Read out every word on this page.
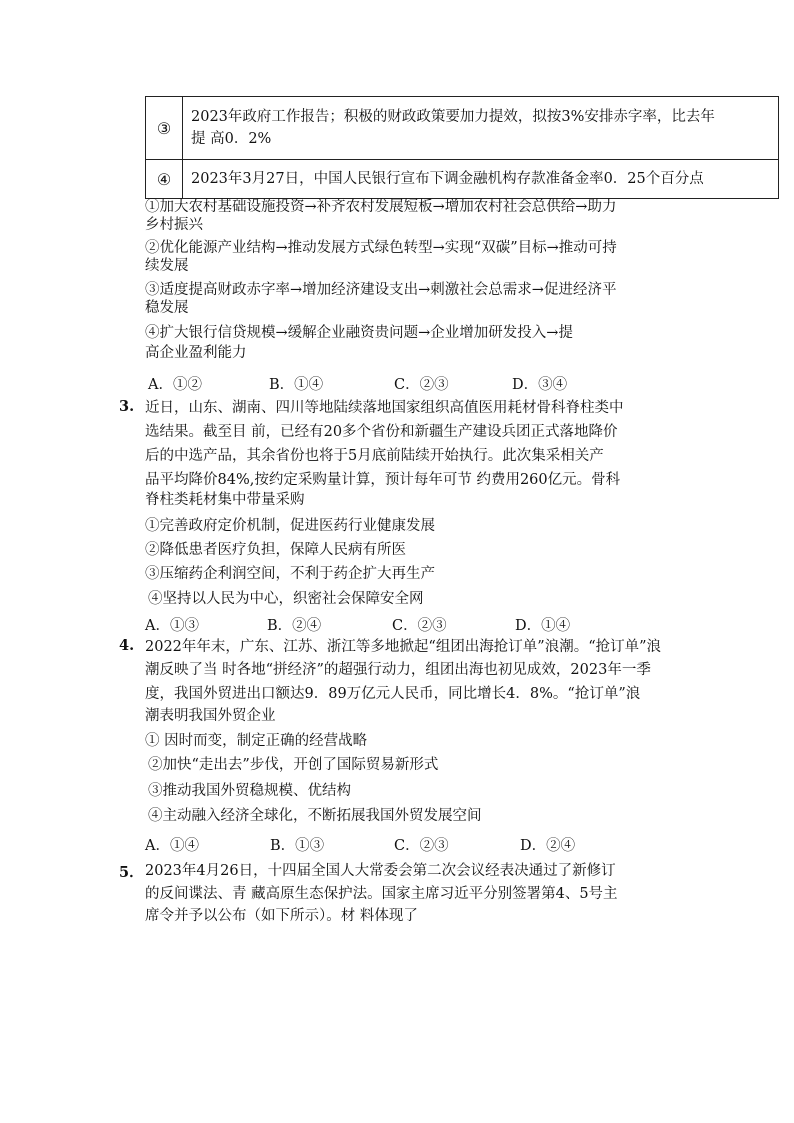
③	2023年政府工作报告；积极的财政政策要加力提效，拟按3%安排赤字率，比去年
提 高0．2%

④	2023年3月27日，中国人民银行宣布下调金融机构存款准备金率0．25个百分点
①加大农村基础设施投资→补齐农村发展短板→增加农村社会总供给→助力
乡村振兴
②优化能源产业结构→推动发展方式绿色转型→实现“双碳”目标→推动可持
续发展
③适度提高财政赤字率→增加经济建设支出→刺激社会总需求→促进经济平
稳发展
④扩大银行信贷规模→缓解企业融资贵问题→企业增加研发投入→提
高企业盈利能力
A．①②	B．①④	C．②③	D．③④
3. 近日，山东、湖南、四川等地陆续落地国家组织高值医用耗材骨科脊柱类中
选结果。截至目 前，已经有20多个省份和新疆生产建设兵团正式落地降价
后的中选产品，其余省份也将于5月底前陆续开始执行。此次集采相关产
品平均降价84%,按约定采购量计算，预计每年可节 约费用260亿元。骨科
脊柱类耗材集中带量采购
①完善政府定价机制，促进医药行业健康发展
②降低患者医疗负担，保障人民病有所医
③压缩药企利润空间，不利于药企扩大再生产
④坚持以人民为中心，织密社会保障安全网
A．①③	B．②④	C．②③	D．①④
4. 2022年年末，广东、江苏、浙江等多地掀起“组团出海抢订单”浪潮。“抢订单”浪
潮反映了当 时各地“拼经济”的超强行动力，组团出海也初见成效，2023年一季
度，我国外贸进出口额达9．89万亿元人民币，同比增长4．8%。“抢订单”浪
潮表明我国外贸企业
① 因时而变，制定正确的经营战略
②加快“走出去”步伐，开创了国际贸易新形式
③推动我国外贸稳规模、优结构
④主动融入经济全球化，不断拓展我国外贸发展空间
A．①④	B．①③	C．②③	D．②④
5． 2023年4月26日，十四届全国人大常委会第二次会议经表决通过了新修订
的反间谍法、青 藏高原生态保护法。国家主席习近平分别签署第4、5号主
席令并予以公布（如下所示）。材 料体现了
